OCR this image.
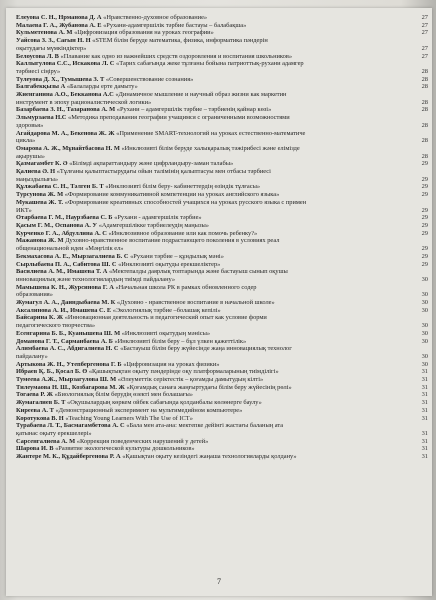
Елеуова С. Н., Нрманова Д. А «Нравственно-духовное образование»	27
Малаева Г. А., Жубанова А. Е «Рухани-адамгершілік тәрбие бастауы – балабақша»	27
Кульметенова А. М «Цифровизация образования на уроках географии»	27
Уайсова З. З., Сағын Н. Н «STEM білім беруде математика, физика, информатика пәндерін
оқытудағы мүмкіндіктер»	27
Белоусова Л. В «Плавание как одно из важнейших средств оздоровления и воспитания школьников»	27
Каллыгулова С.С., Искакова Л. С «Тарих сабағында жеке тұлғаны бойына патриоттық-рухани адамгер
тәрбиесі сіңіру»	28
Тулеуова Д. Х., Тумышева З. Т «Совершенствование сознания»	28
Балгабекқызы А «Балаларды ерте дамыту»	28
Жиенганина А.О., Бекканова А.С «Динамичное мышление и научный образ жизни как маркетин
инструмент в эпоху рационалистической логики»	28
Базарбаева З. Н., Тазаранова А. М «Рухани – адамгершілік тәрбие – тәрбиенің қайнар көзі»	28
Эльмурзаева Н.С «Методика преподавания географии учащимся с ограниченными возможностями
здоровья»	28
Агайдарова М. А., Бекенова Ж. Ж «Применение SMART-технологий на уроках естественно-математиче
цикла»	28
Омарова А. Ж., Мұнайтбасова Н. М «Инклюзивті білім беруде халықаралық тәжірибесі және елімізде
ақырушы»	28
Қазмагамбет К. Ә «Білімді ақпараттандыру және цифрландыру-заман талабы»	29
Қалиева Ә. Н «Тұлғаны қалыптастырудағы ойын талімінің қалыптасуы мен отбасы тәрбиесі
маңыздылығы»	29
Құлжабаева С. Н., Тәлген Б. Т «Инклюзивті білім беру- кабинеттердің өзіндік тұлғасы»	29
Турсунова Ж. М «Формирование коммуникативной компетенции на уроках английского языка»	29
Мукашева Ж. Т. «Формирование креативных способностей учащихся на уроках русского языка с примен
ИКТ»	29
Отарбаева Г. М., Наурзбаева С. Б «Рухани - адамгершілік тәрбие»	29
Қасым Г. М., Оспанова А. У «Адамгершілікке тәрбиелеудің маңызы»	29
Курченко Г. А., Абдуллина А. С «Инклюзивное образование или как помочь ребенку?»	29
Мажанова Ж. М Духовно-нравственное воспитание подрастающего поколения в условиях реал
общенациональной идеи «Мәңгілік ел»	29
Бекмахасова А. Е., Мырзагалиева Б. С «Рухани тәрбие – құндылық мәні»	29
Сырлыбаева П. А., Сабитова Ш. С «Инклюзивті оқытуды ерекшеліктер»	29
Василиева А. М., Имашева Т. А «Мектепалды даярлық топтарында және бастауыш сынып оқушы
инновациялық және технологиялардың тиімді пайдалану»	30
Мамышева К. Н., Журсинова Г. А «Начальная школа РК в рамках обновленного содер
образования»	30
Жумагул А. А., Даиндыбаева М. К «Духовно - нравственное воспитание в начальной школе»	30
Аксалинова А. И., Имашева С. Е «Экологиялық тәрбие –болашақ кепілі»	30
Байсарина К. Ж «Инновационная деятельность и педагогический опыт как условие форми
педагогического творчества»	30
Есенгарина Б. Б., Куанышева Ш. М «Инклюзивті оқытудың мәнісы»	30
Доманова Г. Т., Сарманбаева А. Б «Инклюзивті білім беру – бұл үлкен қажеттілік»	30
Алимбаева А. С., Абдигалиева Н. С «Бастауыш білім беру жүйесінде жаңа инновациялық технолог
пайдалану»	30
Артыкова Ж. Н., Утепбергенова Г. Б «Цифровизация на уроках физики»	30
Ибраев Қ. Б., Қосал Б. Ө «Қашықтықтан оқыту пәндерінде оқу платформаларының тиімділігі»	31
Тумеева А.Ж., Мырзагулова Ш. М «Әлеуметтік серіктестік – қоғамды дамытудың кілті»	31
Тилеумаова Н. Ш., Козбагарова М. Ж «Қоғамдық санаға жаңғыртудағы білім беру жүйесінің рөлі»	31
Тогаева Р. Ж «Биологиялық білім берудің өзекті мен болашағы»	31
Жумагалиев Б. Т «Оқушылардың көркем ойбек сабағында қолданбалы көлөнерге баулу»	31
Киреева А. Т «Демонстрационный эксперимент на мультимедийном компьютере»	31
Коротукова В. Н «Teaching Young Learners With The Use of ICT»	31
Турабаева Л. Т., Басмагамбетова А. С «Бала мен ата-ана: мектепке дейінгі жастағы баланың ата
қатынас оқыту ерекшелері»	31
Сарсенгалиева А. М «Коррекция поведенческих нарушений у детей»	31
Шарова И. В «Развитие экологической культуры дошкольников»	31
Жантере М. К., Құдайбергенова Р. А «Қашықтан оқыту кезіндегі жаңаша технологияларды қолдану»	31
7
